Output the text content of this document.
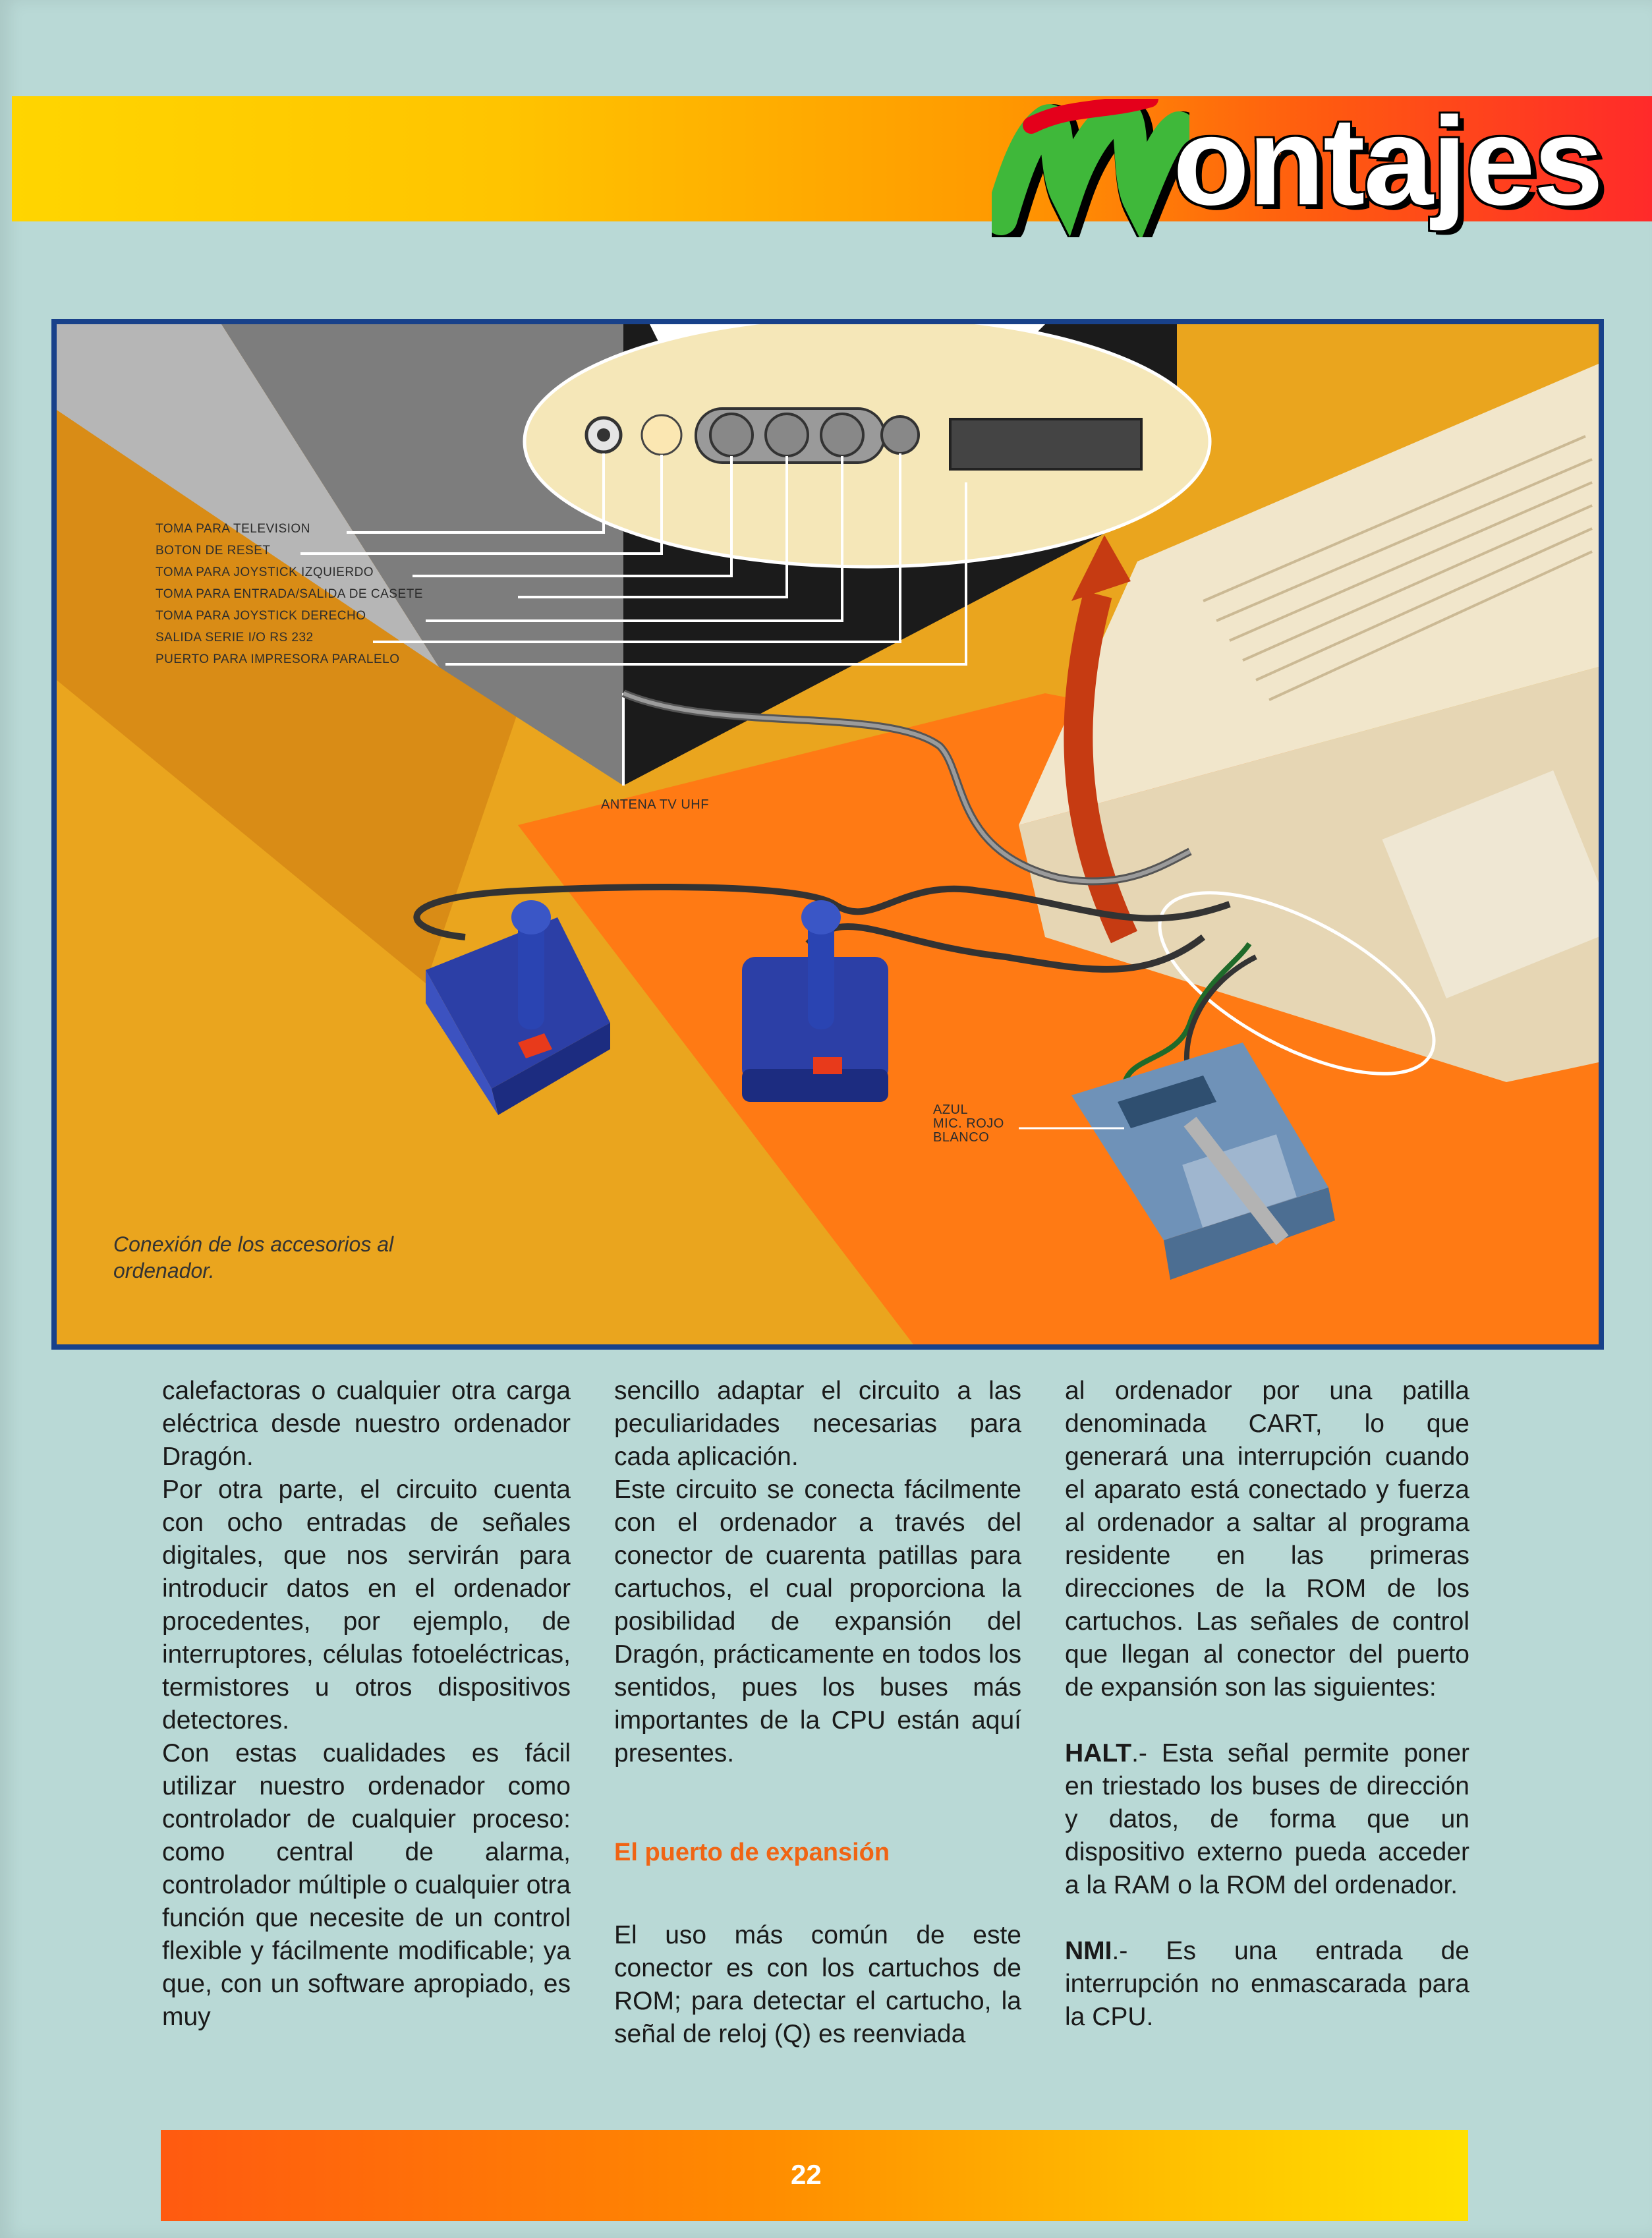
ontajes
TOMA PARA TELEVISION
BOTON DE RESET
TOMA PARA JOYSTICK IZQUIERDO
TOMA PARA ENTRADA/SALIDA DE CASETE
TOMA PARA JOYSTICK DERECHO
SALIDA SERIE I/O RS 232
PUERTO PARA IMPRESORA PARALELO
ANTENA TV UHF
AZUL
MIC. ROJO
BLANCO
Conexión de los accesorios al ordenador.

calefactoras o cualquier otra carga eléctrica desde nuestro ordenador Dragón.

Por otra parte, el circuito cuenta con ocho entradas de señales digitales, que nos servirán para introducir datos en el ordenador procedentes, por ejemplo, de interruptores, células fotoeléctricas, termistores u otros dispositivos detectores.

Con estas cualidades es fácil utilizar nuestro ordenador como controlador de cualquier proceso: como central de alarma, controlador múltiple o cualquier otra función que necesite de un control flexible y fácilmente modificable; ya que, con un software apropiado, es muy

sencillo adaptar el circuito a las peculiaridades necesarias para cada aplicación.

Este circuito se conecta fácilmente con el ordenador a través del conector de cuarenta patillas para cartuchos, el cual proporciona la posibilidad de expansión del Dragón, prácticamente en todos los sentidos, pues los buses más importantes de la CPU están aquí presentes.

El puerto de expansión

El uso más común de este conector es con los cartuchos de ROM; para detectar el cartucho, la señal de reloj (Q) es reenviada

al ordenador por una patilla denominada CART, lo que generará una interrupción cuando el aparato está conectado y fuerza al ordenador a saltar al programa residente en las primeras direcciones de la ROM de los cartuchos. Las señales de control que llegan al conector del puerto de expansión son las siguientes:

HALT.- Esta señal permite poner en triestado los buses de dirección y datos, de forma que un dispositivo externo pueda acceder a la RAM o la ROM del ordenador.

NMI.- Es una entrada de interrupción no enmascarada para la CPU.

22
